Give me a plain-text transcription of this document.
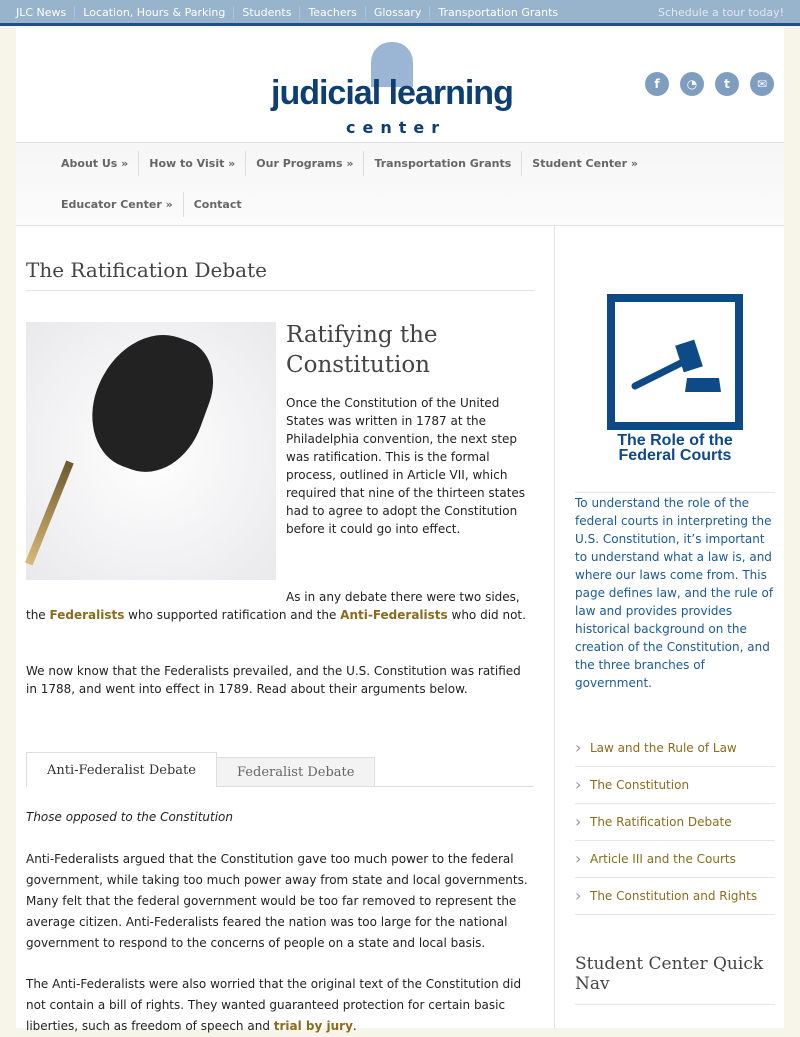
JLC News	Location, Hours & Parking	Students	Teachers	Glossary	Transportation Grants	Schedule a tour today!
judicial learning
center
f	◔	t	✉
About Us »	How to Visit »	Our Programs »	Transportation Grants	Student Center »
Educator Center »	Contact
The Ratification Debate
Ratifying the Constitution

Once the Constitution of the United States was written in 1787 at the Philadelphia convention, the next step was ratification. This is the formal process, outlined in Article VII, which required that nine of the thirteen states had to agree to adopt the Constitution before it could go into effect.

As in any debate there were two sides, the Federalists who supported ratification and the Anti-Federalists who did not.

We now know that the Federalists prevailed, and the U.S. Constitution was ratified in 1788, and went into effect in 1789. Read about their arguments below.

Anti-Federalist Debate	Federalist Debate

Those opposed to the Constitution

Anti-Federalists argued that the Constitution gave too much power to the federal government, while taking too much power away from state and local governments. Many felt that the federal government would be too far removed to represent the average citizen. Anti-Federalists feared the nation was too large for the national government to respond to the concerns of people on a state and local basis.

The Anti-Federalists were also worried that the original text of the Constitution did not contain a bill of rights. They wanted guaranteed protection for certain basic liberties, such as freedom of speech and trial by jury.

The Role of the Federal Courts

To understand the role of the federal courts in interpreting the U.S. Constitution, it’s important to understand what a law is, and where our laws come from. This page defines law, and the rule of law and provides provides historical background on the creation of the Constitution, and the three branches of government.

› Law and the Rule of Law
› The Constitution
› The Ratification Debate
› Article III and the Courts
› The Constitution and Rights
Student Center Quick Nav
